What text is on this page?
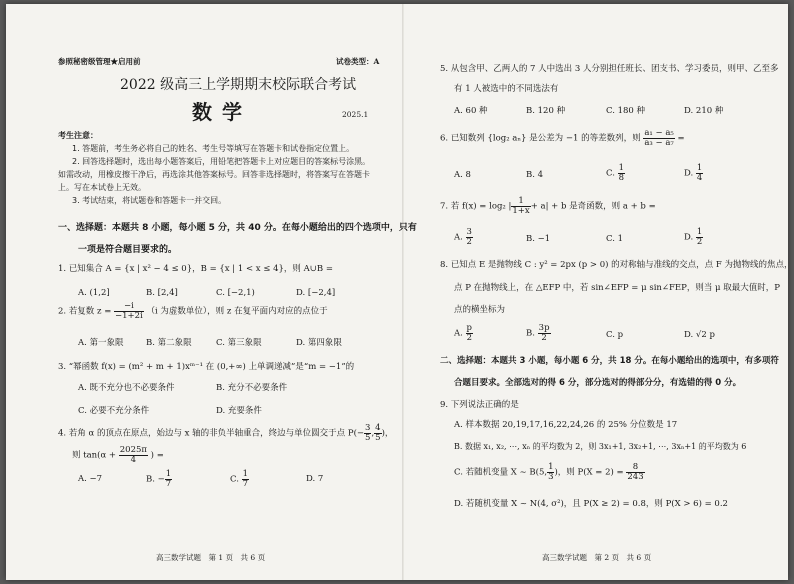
参照秘密级管理★启用前	试卷类型：A
2022 级高三上学期期末校际联合考试
数学	2025.1
考生注意：
1. 答题前，考生务必将自己的姓名、考生号等填写在答题卡和试卷指定位置上。
2. 回答选择题时，选出每小题答案后，用铅笔把答题卡上对应题目的答案标号涂黑。
如需改动，用橡皮擦干净后，再选涂其他答案标号。回答非选择题时，将答案写在答题卡
上。写在本试卷上无效。
3. 考试结束，将试题卷和答题卡一并交回。
一、选择题：本题共 8 小题，每小题 5 分，共 40 分。在每小题给出的四个选项中，只有
一项是符合题目要求的。
1. 已知集合 A = {x | x² − 4 ≤ 0}，B = {x | 1 < x ≤ 4}，则 A∪B =
A. (1,2]	B. [2,4]	C. [−2,1)	D. [−2,4]
2. 若复数 $z = \frac{-i}{-1+2i} (i$ 为虚数单位），则 z 在复平面内对应的点位于
A. 第一象限	B. 第二象限	C. 第三象限	D. 第四象限
3. “幂函数 f(x) = (m² + m + 1)xᵐ⁻¹ 在 (0,+∞) 上单调递减”是“m = −1”的
A. 既不充分也不必要条件	B. 充分不必要条件
C. 必要不充分条件	D. 充要条件
4. 若角 α 的顶点在原点，始边与 x 轴的非负半轴重合，终边与单位圆交于点 $P(- \frac{3}{5}$ , $\frac{4}{5}$ )，
则 $\tan(\alpha + \frac{2025\pi}{4}$ ) =
A. −7	B. − $\frac{1}{7}$	C. $\frac{1}{7}$	D. 7
高三数学试题　第 1 页　共 6 页
5. 从包含甲、乙两人的 7 人中选出 3 人分别担任班长、团支书、学习委员，则甲、乙至多
有 1 人被选中的不同选法有
A. 60 种	B. 120 种	C. 180 种	D. 210 种
6. 已知数列 {log₂ aₙ} 是公差为 −1 的等差数列，则 $\frac{\text{a₁ − a₅}}{\text{a₃ − a₇}}$ =
A. 8	B. 4	C. $\frac{1}{8}$	D. $\frac{1}{4}$
7. 若 f(x) = log₂ | $\frac{1}{1+x} + a| + b$ 是奇函数，则 a + b =
A. $\frac{3}{2}$	B. −1	C. 1	D. $\frac{1}{2}$
8. 已知点 E 是抛物线 C : y² = 2px (p > 0) 的对称轴与准线的交点，点 F 为抛物线的焦点，
点 P 在抛物线上，在 △EFP 中，若 sin∠EFP = μ sin∠FEP，则当 μ 取最大值时，P
点的横坐标为
A. $\frac{p}{2}$	B. $\frac{3p}{2}$	C. p	D. √2 p
二、选择题：本题共 3 小题，每小题 6 分，共 18 分。在每小题给出的选项中，有多项符
合题目要求。全部选对的得 6 分，部分选对的得部分分，有选错的得 0 分。
9. 下列说法正确的是
A. 样本数据 20,19,17,16,22,24,26 的 25% 分位数是 17
B. 数据 x₁, x₂, ⋯, xₙ 的平均数为 2，则 3x₁+1, 3x₂+1, ⋯, 3xₙ+1 的平均数为 6
C. 若随机变量 X ~ B(5, $\frac{1}{3}$ )，则 $P(X = 2) = \frac{8}{243}$
D. 若随机变量 X ~ N(4, σ²)，且 P(X ≥ 2) = 0.8，则 P(X > 6) = 0.2
高三数学试题　第 2 页　共 6 页
